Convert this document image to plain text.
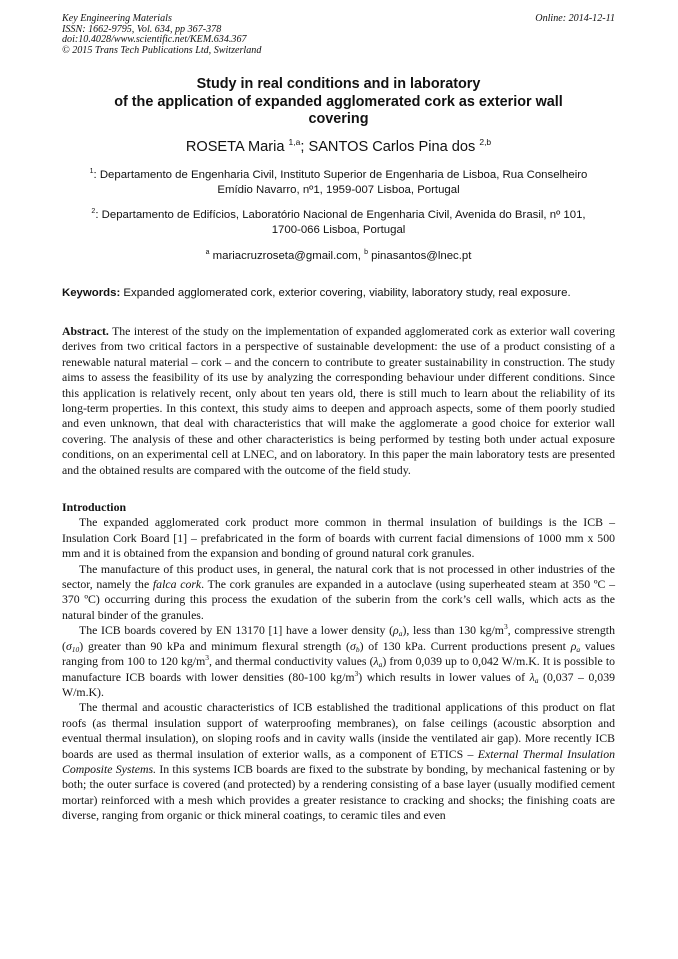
Key Engineering Materials	Online: 2014-12-11
ISSN: 1662-9795, Vol. 634, pp 367-378
doi:10.4028/www.scientific.net/KEM.634.367
© 2015 Trans Tech Publications Ltd, Switzerland
Study in real conditions and in laboratory
of the application of expanded agglomerated cork as exterior wall
covering
ROSETA Maria $^{1,a}$; SANTOS Carlos Pina dos $^{2,b}$
$^1$: Departamento de Engenharia Civil, Instituto Superior de Engenharia de Lisboa, Rua Conselheiro
Emídio Navarro, nº1, 1959-007 Lisboa, Portugal
$^2$: Departamento de Edifícios, Laboratório Nacional de Engenharia Civil, Avenida do Brasil, nº 101,
1700-066 Lisboa, Portugal
$^a$ mariacruzroseta@gmail.com, $^b$ pinasantos@lnec.pt
Keywords: Expanded agglomerated cork, exterior covering, viability, laboratory study, real exposure.
Abstract. The interest of the study on the implementation of expanded agglomerated cork as exterior wall covering derives from two critical factors in a perspective of sustainable development: the use of a product consisting of a renewable natural material – cork – and the concern to contribute to greater sustainability in construction. The study aims to assess the feasibility of its use by analyzing the corresponding behaviour under different conditions. Since this application is relatively recent, only about ten years old, there is still much to learn about the reliability of its long-term properties. In this context, this study aims to deepen and approach aspects, some of them poorly studied and even unknown, that deal with characteristics that will make the agglomerate a good choice for exterior wall covering. The analysis of these and other characteristics is being performed by testing both under actual exposure conditions, on an experimental cell at LNEC, and on laboratory. In this paper the main laboratory tests are presented and the obtained results are compared with the outcome of the field study.
Introduction

The expanded agglomerated cork product more common in thermal insulation of buildings is the ICB – Insulation Cork Board [1] – prefabricated in the form of boards with current facial dimensions of 1000 mm x 500 mm and it is obtained from the expansion and bonding of ground natural cork granules.

The manufacture of this product uses, in general, the natural cork that is not processed in other industries of the sector, namely the falca cork. The cork granules are expanded in a autoclave (using superheated steam at 350 ºC – 370 ºC) occurring during this process the exudation of the suberin from the cork’s cell walls, which acts as the natural binder of the granules.

The ICB boards covered by EN 13170 [1] have a lower density $(\rho_a)$, less than 130 $kg/m^3$, compressive strength $(\sigma_{10})$ greater than 90 kPa and minimum flexural strength $(\sigma_b)$ of 130 kPa. Current productions present $\rho_a$ values ranging from 100 to 120 $kg/m^3$, and thermal conductivity values $(\lambda_a)$ from 0,039 up to 0,042 W/m.K. It is possible to manufacture ICB boards with lower densities (80-100 $kg/m^3$) which results in lower values of $\lambda_a$ (0,037 – 0,039 W/m.K).

The thermal and acoustic characteristics of ICB established the traditional applications of this product on flat roofs (as thermal insulation support of waterproofing membranes), on false ceilings (acoustic absorption and eventual thermal insulation), on sloping roofs and in cavity walls (inside the ventilated air gap). More recently ICB boards are used as thermal insulation of exterior walls, as a component of ETICS – External Thermal Insulation Composite Systems. In this systems ICB boards are fixed to the substrate by bonding, by mechanical fastening or by both; the outer surface is covered (and protected) by a rendering consisting of a base layer (usually modified cement mortar) reinforced with a mesh which provides a greater resistance to cracking and shocks; the finishing coats are diverse, ranging from organic or thick mineral coatings, to ceramic tiles and even
